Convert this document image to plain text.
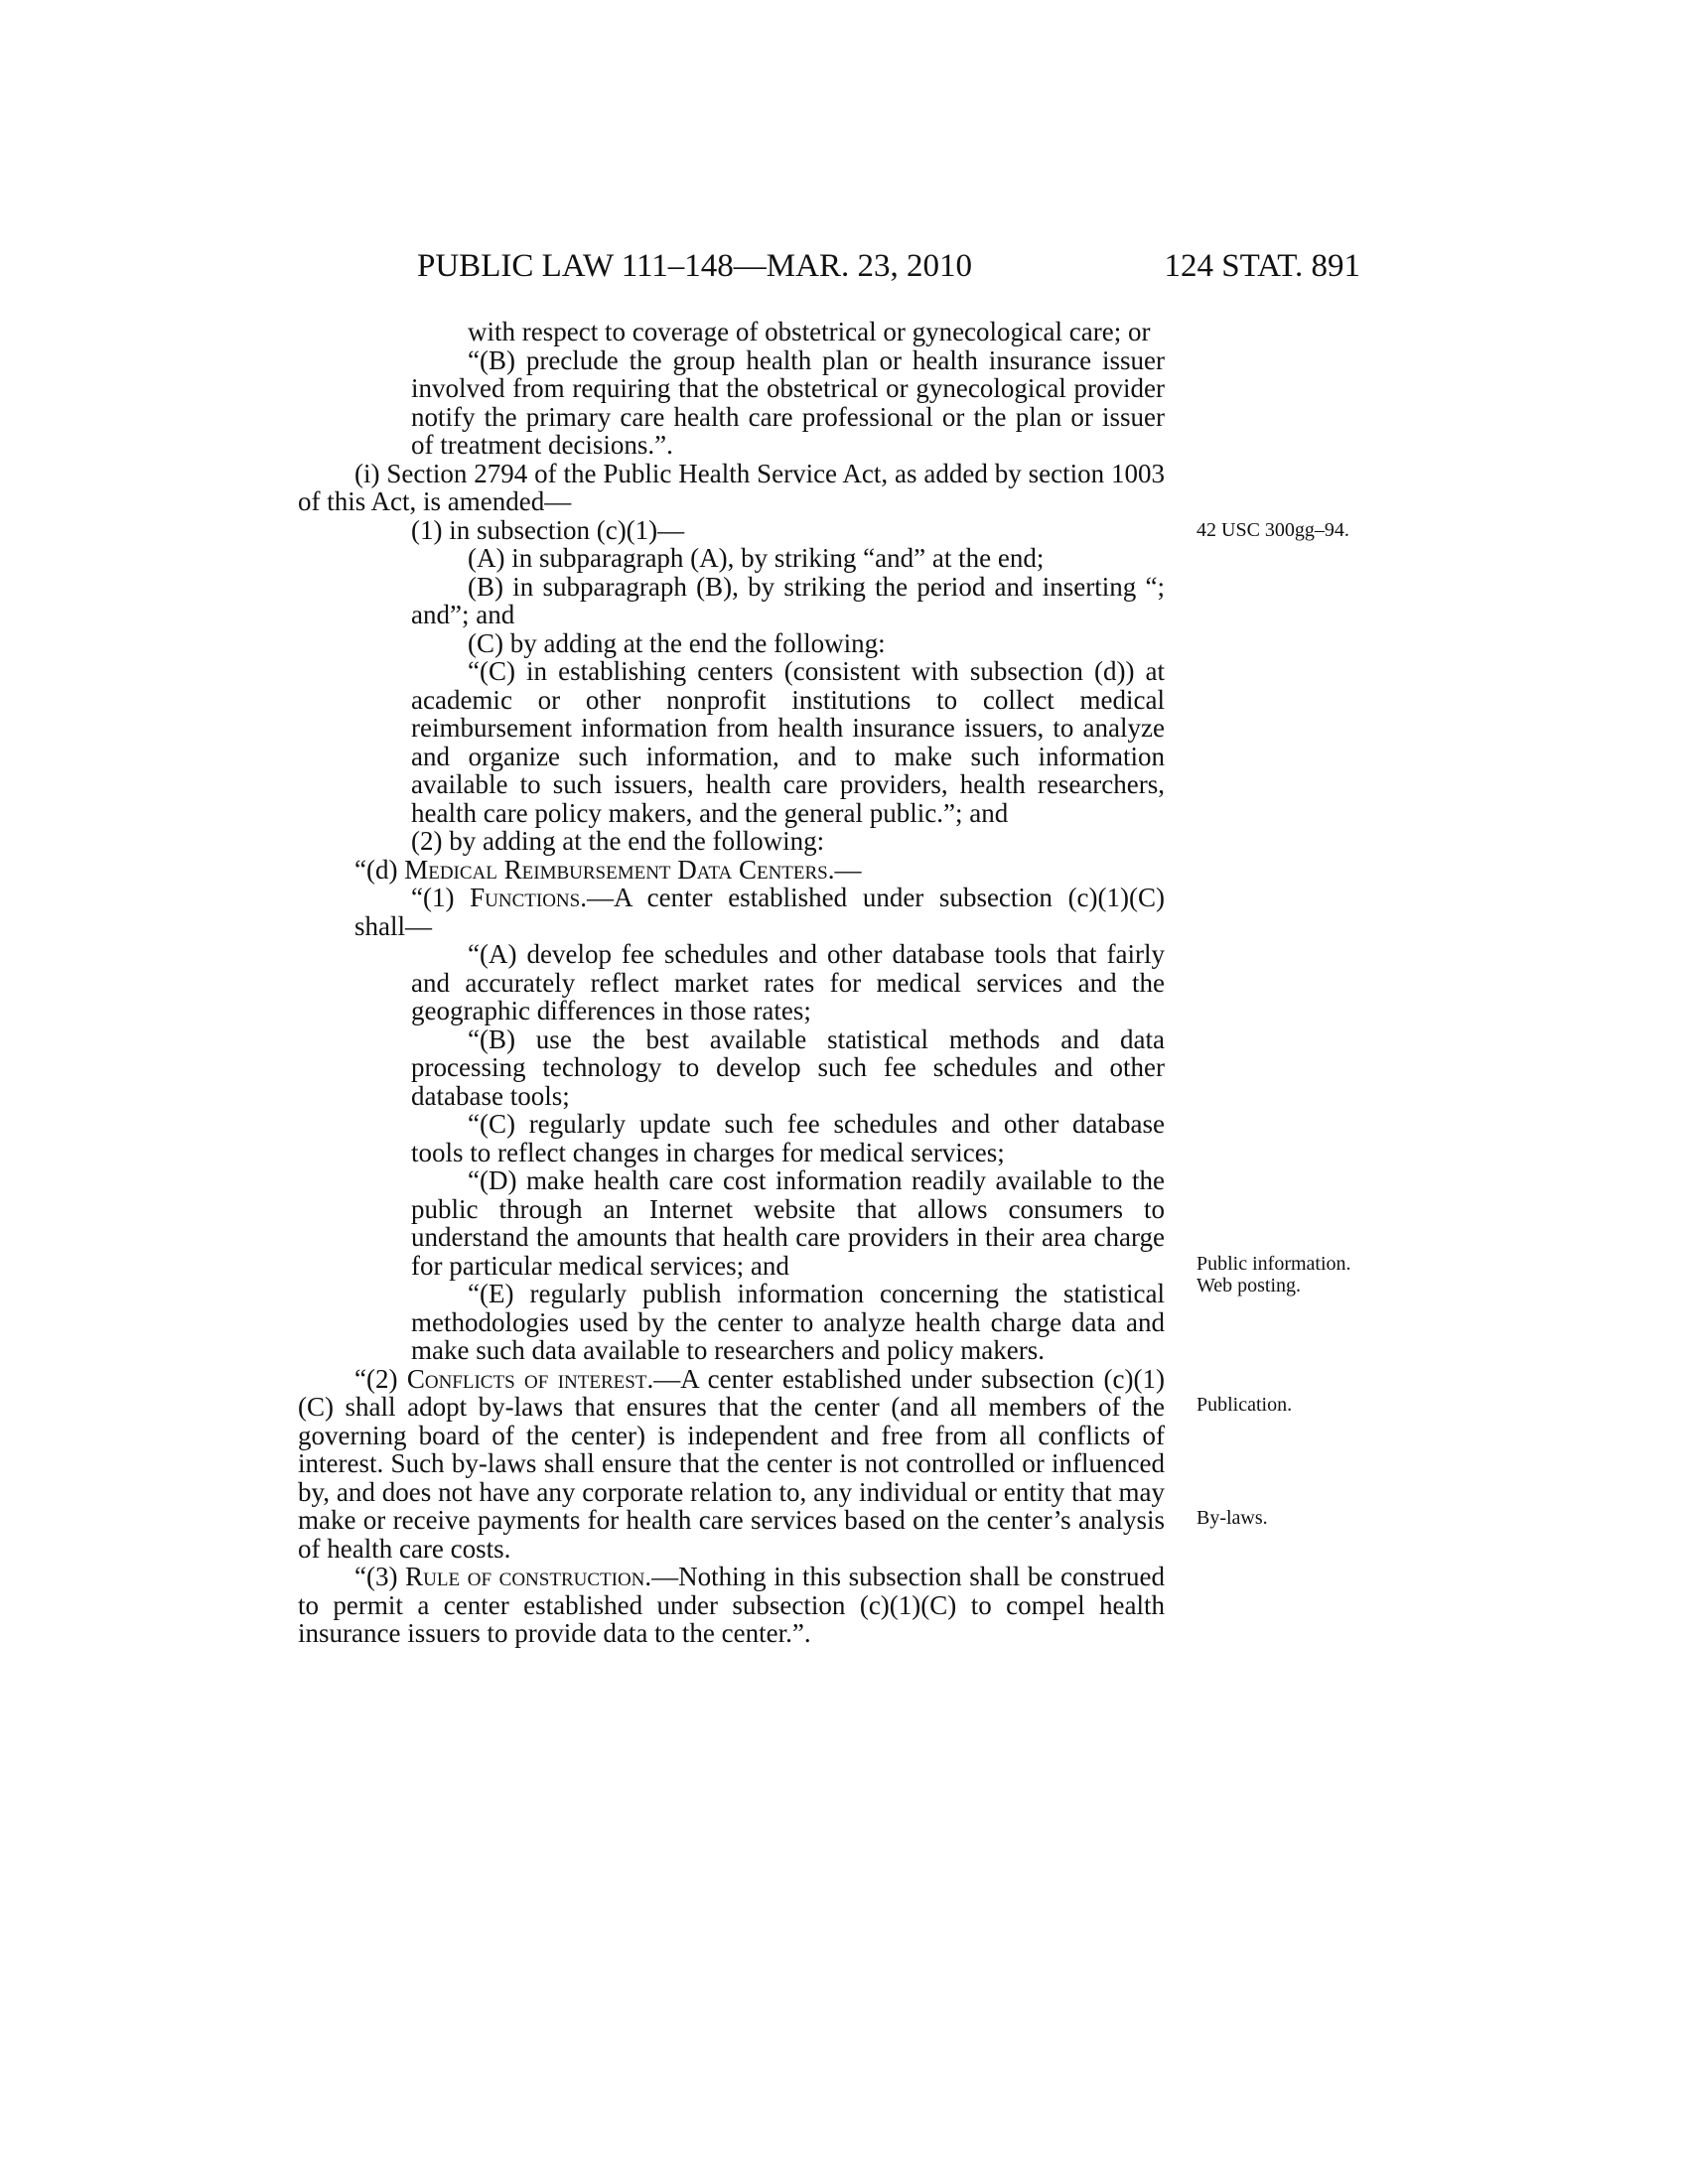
PUBLIC LAW 111–148—MAR. 23, 2010	124 STAT. 891

with respect to coverage of obstetrical or gynecological care; or

“(B) preclude the group health plan or health insurance issuer involved from requiring that the obstetrical or gynecological provider notify the primary care health care professional or the plan or issuer of treatment decisions.”.

(i) Section 2794 of the Public Health Service Act, as added by section 1003 of this Act, is amended—

(1) in subsection (c)(1)—

(A) in subparagraph (A), by striking “and” at the end;

(B) in subparagraph (B), by striking the period and inserting “; and”; and

(C) by adding at the end the following:

“(C) in establishing centers (consistent with subsection (d)) at academic or other nonprofit institutions to collect medical reimbursement information from health insurance issuers, to analyze and organize such information, and to make such information available to such issuers, health care providers, health researchers, health care policy makers, and the general public.”; and

(2) by adding at the end the following:

“(d) Medical Reimbursement Data Centers.—

“(1) Functions.—A center established under subsection (c)(1)(C) shall—

“(A) develop fee schedules and other database tools that fairly and accurately reflect market rates for medical services and the geographic differences in those rates;

“(B) use the best available statistical methods and data processing technology to develop such fee schedules and other database tools;

“(C) regularly update such fee schedules and other database tools to reflect changes in charges for medical services;

“(D) make health care cost information readily available to the public through an Internet website that allows consumers to understand the amounts that health care providers in their area charge for particular medical services; and

“(E) regularly publish information concerning the statistical methodologies used by the center to analyze health charge data and make such data available to researchers and policy makers.

“(2) Conflicts of interest.—A center established under subsection (c)(1)(C) shall adopt by-laws that ensures that the center (and all members of the governing board of the center) is independent and free from all conflicts of interest. Such by-laws shall ensure that the center is not controlled or influenced by, and does not have any corporate relation to, any individual or entity that may make or receive payments for health care services based on the center’s analysis of health care costs.

“(3) Rule of construction.—Nothing in this subsection shall be construed to permit a center established under subsection (c)(1)(C) to compel health insurance issuers to provide data to the center.”.

42 USC 300gg–94.
Public information. Web posting.
Publication.
By-laws.
